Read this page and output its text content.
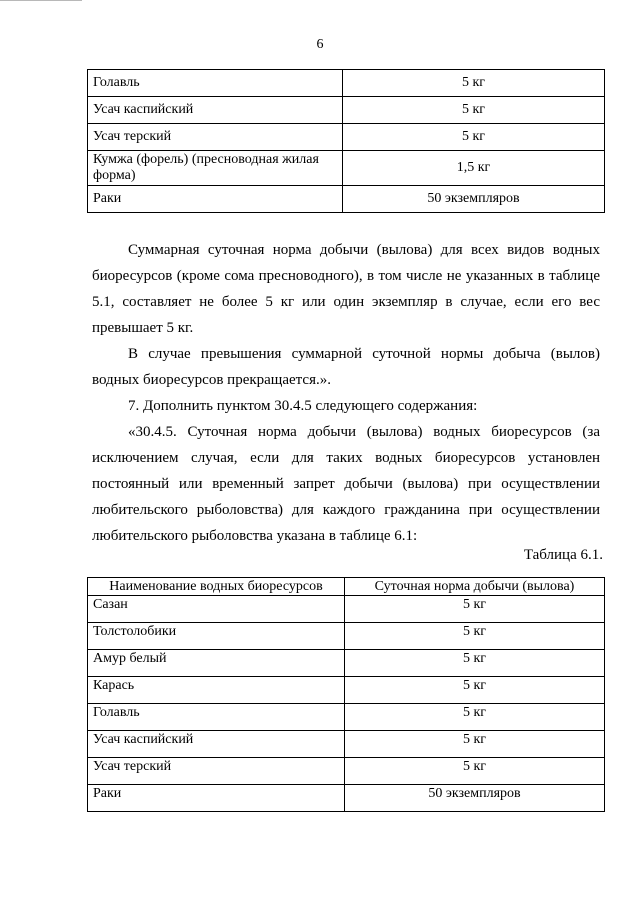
6
Голавль	5 кг
Усач каспийский	5 кг
Усач терский	5 кг
Кумжа (форель) (пресноводная жилая форма)	1,5 кг
Раки	50 экземпляров

Суммарная суточная норма добычи (вылова) для всех видов водных биоресурсов (кроме сома пресноводного), в том числе не указанных в таблице 5.1, составляет не более 5 кг или один экземпляр в случае, если его вес превышает 5 кг.

В случае превышения суммарной суточной нормы добыча (вылов) водных биоресурсов прекращается.».

7. Дополнить пунктом 30.4.5 следующего содержания:

«30.4.5. Суточная норма добычи (вылова) водных биоресурсов (за исключением случая, если для таких водных биоресурсов установлен постоянный или временный запрет добычи (вылова) при осуществлении любительского рыболовства) для каждого гражданина при осуществлении любительского рыболовства указана в таблице 6.1:

Таблица 6.1.
Наименование водных биоресурсов	Суточная норма добычи (вылова)
Сазан	5 кг
Толстолобики	5 кг
Амур белый	5 кг
Карась	5 кг
Голавль	5 кг
Усач каспийский	5 кг
Усач терский	5 кг
Раки	50 экземпляров
